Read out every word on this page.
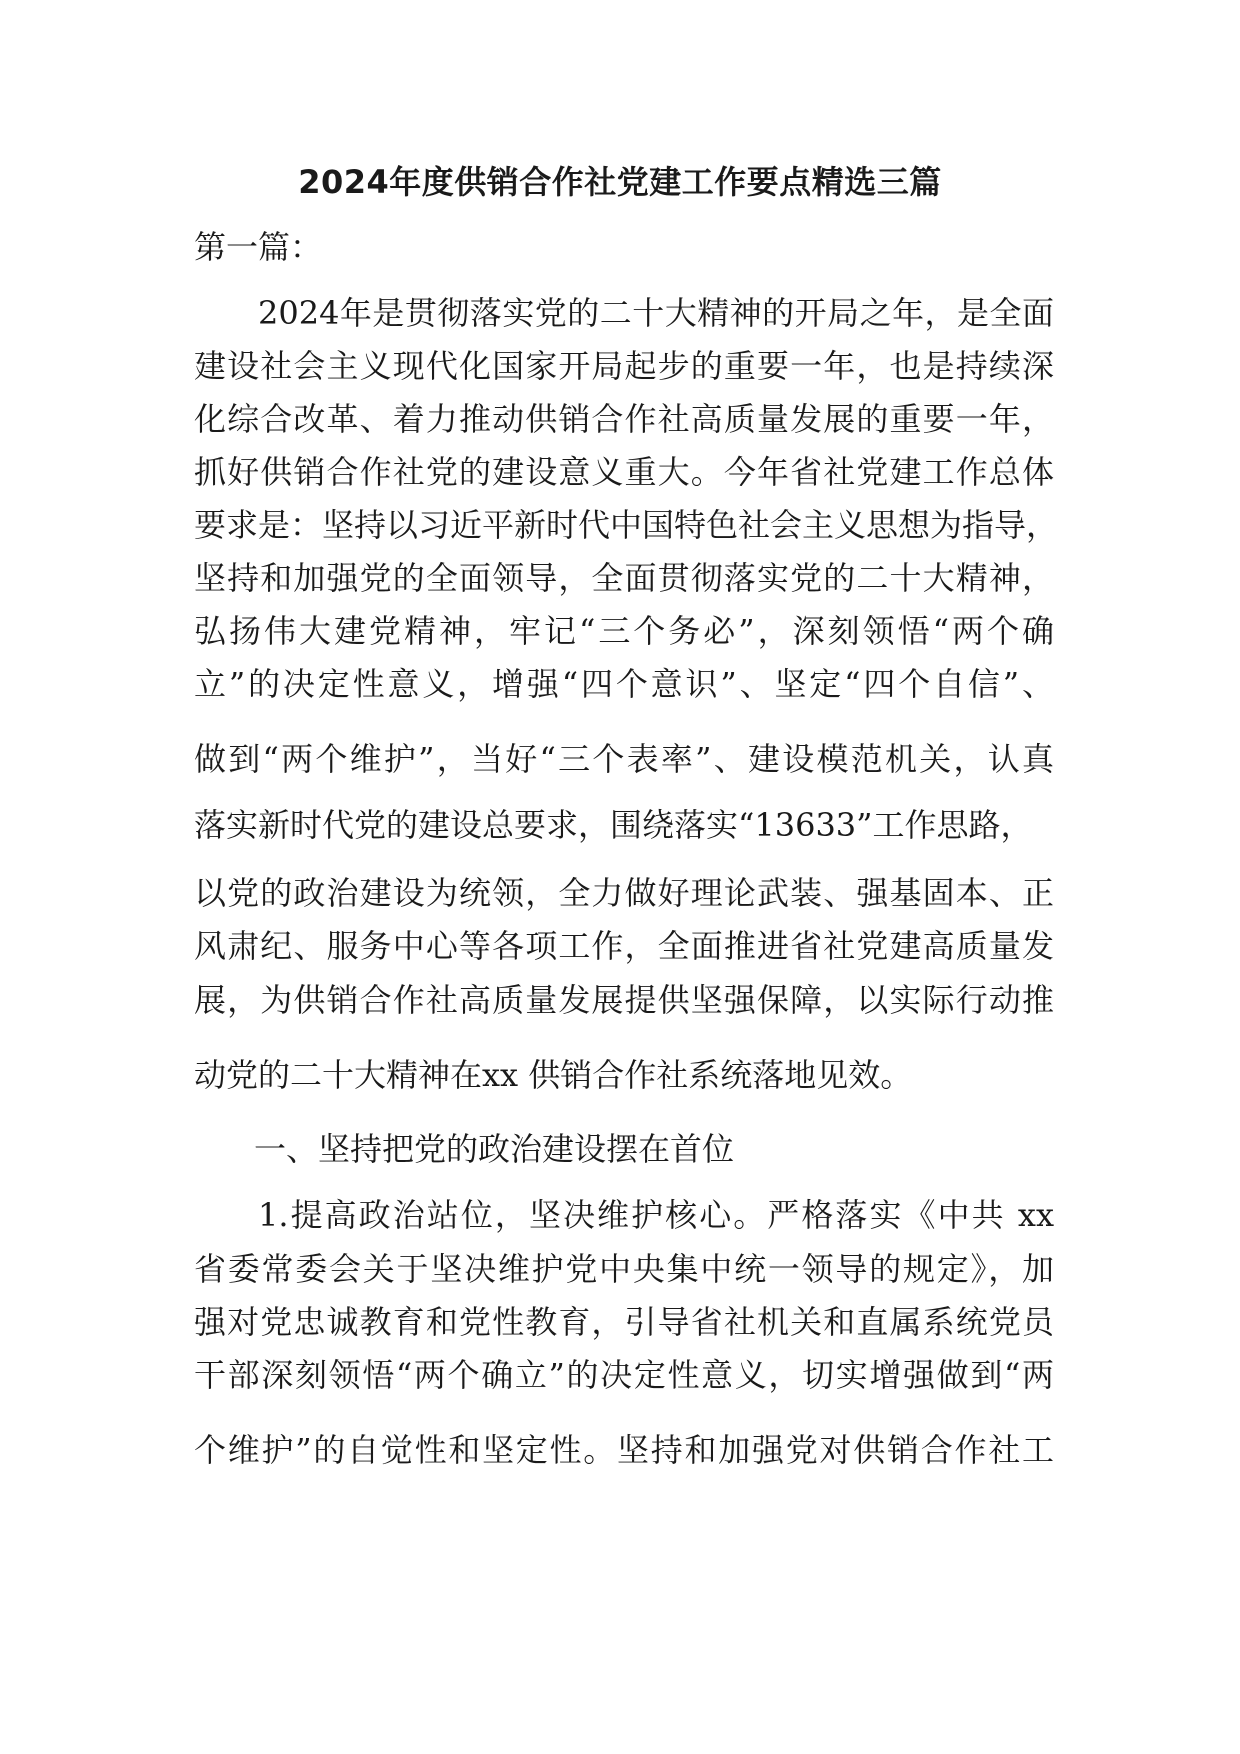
2024年度供销合作社党建工作要点精选三篇

第一篇：

2024年是贯彻落实党的二十大精神的开局之年，是全面

建设社会主义现代化国家开局起步的重要一年，也是持续深

化综合改革、着力推动供销合作社高质量发展的重要一年，

抓好供销合作社党的建设意义重大。今年省社党建工作总体

要求是：坚持以习近平新时代中国特色社会主义思想为指导，

坚持和加强党的全面领导，全面贯彻落实党的二十大精神，

弘扬伟大建党精神，牢记“三个务必”，深刻领悟“两个确

立”的决定性意义，增强“四个意识”、坚定“四个自信”、

做到“两个维护”，当好“三个表率”、建设模范机关，认真

落实新时代党的建设总要求，围绕落实“13633”工作思路，

以党的政治建设为统领，全力做好理论武装、强基固本、正

风肃纪、服务中心等各项工作，全面推进省社党建高质量发

展，为供销合作社高质量发展提供坚强保障，以实际行动推

动党的二十大精神在xx 供销合作社系统落地见效。

一、坚持把党的政治建设摆在首位

1.提高政治站位，坚决维护核心。严格落实《中共 xx

省委常委会关于坚决维护党中央集中统一领导的规定》，加

强对党忠诚教育和党性教育，引导省社机关和直属系统党员

干部深刻领悟“两个确立”的决定性意义，切实增强做到“两

个维护”的自觉性和坚定性。坚持和加强党对供销合作社工
